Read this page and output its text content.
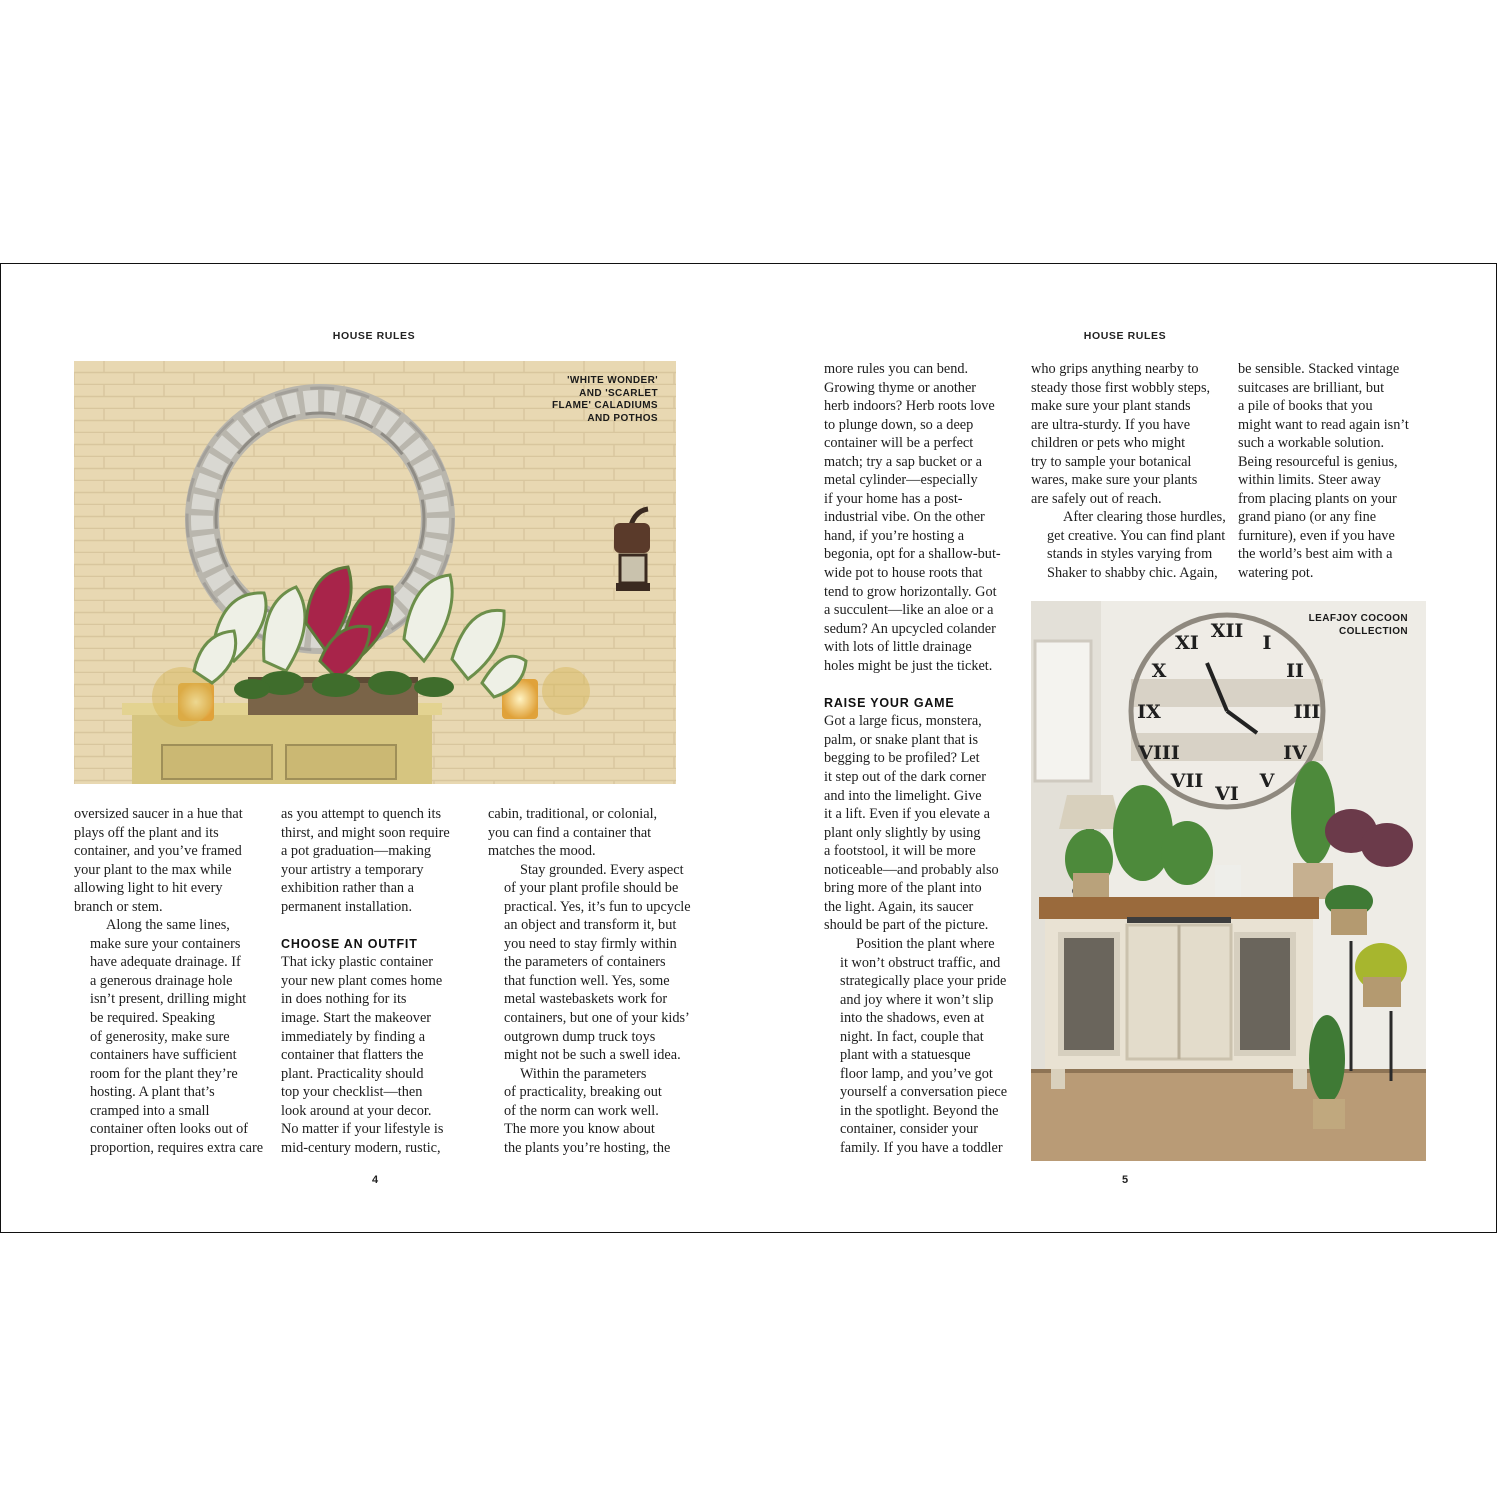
HOUSE RULES
'WHITE WONDER'
AND 'SCARLET
FLAME' CALADIUMS
AND POTHOS

oversized saucer in a hue that
plays off the plant and its
container, and you’ve framed
your plant to the max while
allowing light to hit every
branch or stem.

Along the same lines,
make sure your containers
have adequate drainage. If
a generous drainage hole
isn’t present, drilling might
be required. Speaking
of generosity, make sure
containers have sufficient
room for the plant they’re
hosting. A plant that’s
cramped into a small
container often looks out of
proportion, requires extra care

as you attempt to quench its
thirst, and might soon require
a pot graduation—making
your artistry a temporary
exhibition rather than a
permanent installation.

CHOOSE AN OUTFIT

That icky plastic container
your new plant comes home
in does nothing for its
image. Start the makeover
immediately by finding a
container that flatters the
plant. Practicality should
top your checklist—then
look around at your decor.
No matter if your lifestyle is
mid-century modern, rustic,

cabin, traditional, or colonial,
you can find a container that
matches the mood.

Stay grounded. Every aspect
of your plant profile should be
practical. Yes, it’s fun to upcycle
an object and transform it, but
you need to stay firmly within
the parameters of containers
that function well. Yes, some
metal wastebaskets work for
containers, but one of your kids’
outgrown dump truck toys
might not be such a swell idea.

Within the parameters
of practicality, breaking out
of the norm can work well.
The more you know about
the plants you’re hosting, the

4
HOUSE RULES

more rules you can bend.
Growing thyme or another
herb indoors? Herb roots love
to plunge down, so a deep
container will be a perfect
match; try a sap bucket or a
metal cylinder—especially
if your home has a post-
industrial vibe. On the other
hand, if you’re hosting a
begonia, opt for a shallow-but-
wide pot to house roots that
tend to grow horizontally. Got
a succulent—like an aloe or a
sedum? An upcycled colander
with lots of little drainage
holes might be just the ticket.

RAISE YOUR GAME

Got a large ficus, monstera,
palm, or snake plant that is
begging to be profiled? Let
it step out of the dark corner
and into the limelight. Give
it a lift. Even if you elevate a
plant only slightly by using
a footstool, it will be more
noticeable—and probably also
bring more of the plant into
the light. Again, its saucer
should be part of the picture.

Position the plant where
it won’t obstruct traffic, and
strategically place your pride
and joy where it won’t slip
into the shadows, even at
night. In fact, couple that
plant with a statuesque
floor lamp, and you’ve got
yourself a conversation piece
in the spotlight. Beyond the
container, consider your
family. If you have a toddler

who grips anything nearby to
steady those first wobbly steps,
make sure your plant stands
are ultra-sturdy. If you have
children or pets who might
try to sample your botanical
wares, make sure your plants
are safely out of reach.

After clearing those hurdles,
get creative. You can find plant
stands in styles varying from
Shaker to shabby chic. Again,

be sensible. Stacked vintage
suitcases are brilliant, but
a pile of books that you
might want to read again isn’t
such a workable solution.
Being resourceful is genius,
within limits. Steer away
from placing plants on your
grand piano (or any fine
furniture), even if you have
the world’s best aim with a
watering pot.

XII
I
II
III
IV
V
VI
VII
VIII
IX
X
XI
LEAFJOY COCOON
COLLECTION
5
